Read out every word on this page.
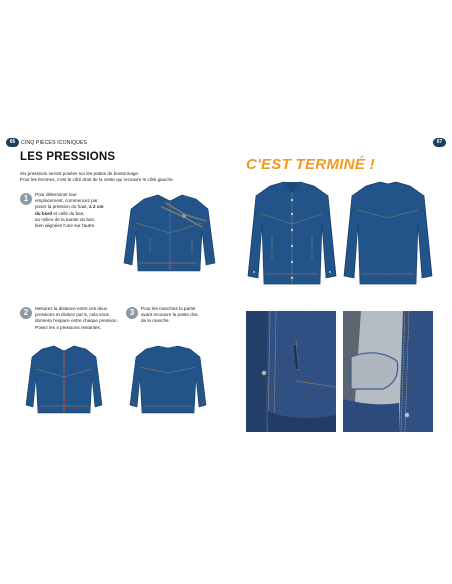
66	CINQ PIÈCES ICONIQUES
LES PRESSIONS
Six pressions seront posées sur les pattes de boutonnage.
Pour les femmes, c'est le côté droit de la veste qui recouvre le côté gauche.
1	Pour déterminer leur
emplacement, commencez par
poser la pression du haut, à 2 cm
du bord et celle du bas,
au milieu de la bande du bas,
bien alignées l'une sur l'autre.
2	Mesurez la distance entre ces deux
pressions et divisez par 5, cela vous
donnera l'espace entre chaque pression.
Posez les 4 pressions restantes.
3	Pour les manches la partie
avant recouvre la partie dos
de la manche.
67
C'EST TERMINÉ !
